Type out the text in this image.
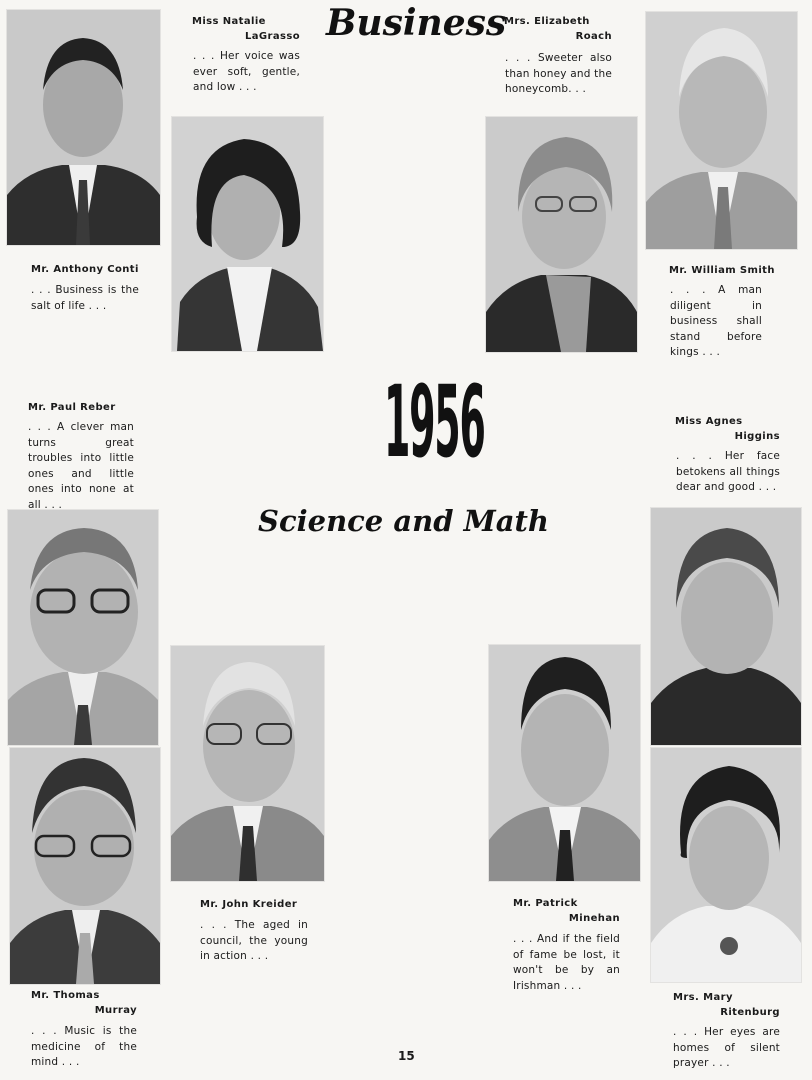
Business
1956
Science and Math
Mr. Anthony Conti
. . . Business is the salt of life . . .
Miss Natalie
LaGrasso
. . . Her voice was ever soft, gentle, and low . . .
Mrs. Elizabeth
Roach
. . . Sweeter also than honey and the honeycomb. . .
Mr. William Smith
. . . A man diligent in business shall stand before kings . . .
Mr. Paul Reber
. . . A clever man turns great troubles into little ones and little ones into none at all . . .
Miss Agnes
Higgins
. . . Her face betokens all things dear and good . . .
Mr. John Kreider
. . . The aged in council, the young in action . . .
Mr. Patrick
Minehan
. . . And if the field of fame be lost, it won't be by an Irishman . . .
Mr. Thomas
Murray
. . . Music is the medicine of the mind . . .
Mrs. Mary
Ritenburg
. . . Her eyes are homes of silent prayer . . .
15
